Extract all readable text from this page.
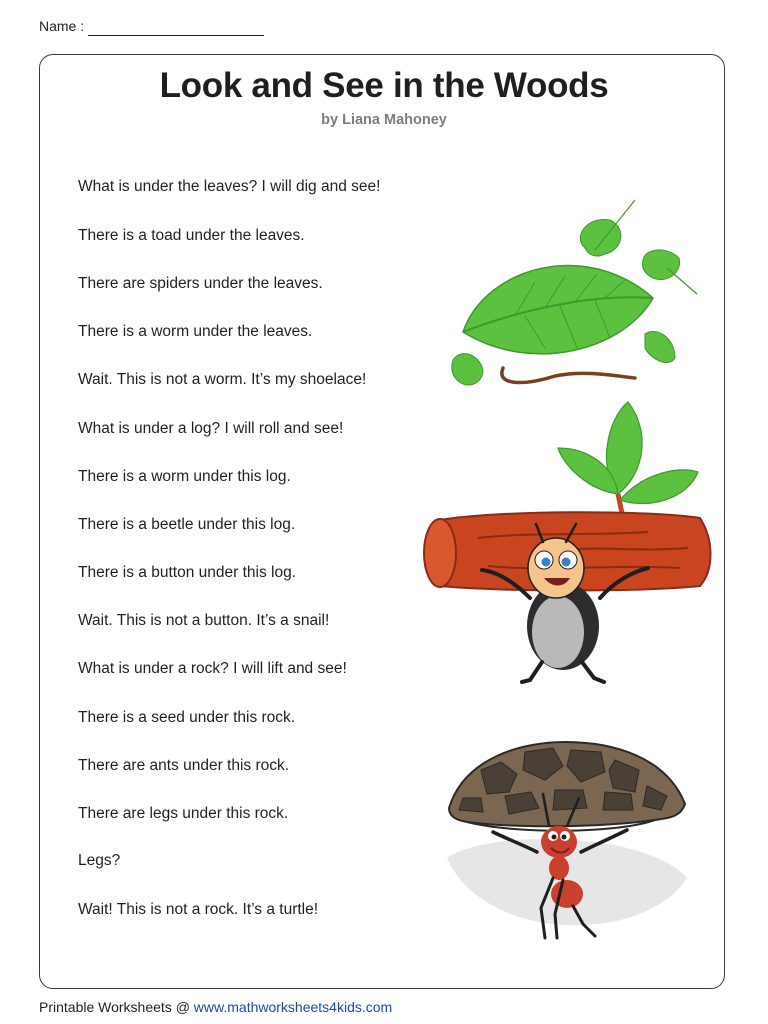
Name :
Look and See in the Woods
by Liana Mahoney
What is under the leaves? I will dig and see!
There is a toad under the leaves.
There are spiders under the leaves.
There is a worm under the leaves.
Wait. This is not a worm. It’s my shoelace!
What is under a log? I will roll and see!
There is a worm under this log.
There is a beetle under this log.
There is a button under this log.
Wait. This is not a button. It’s a snail!
What is under a rock? I will lift and see!
There is a seed under this rock.
There are ants under this rock.
There are legs under this rock.
Legs?
Wait! This is not a rock. It’s a turtle!
Printable Worksheets @ www.mathworksheets4kids.com
